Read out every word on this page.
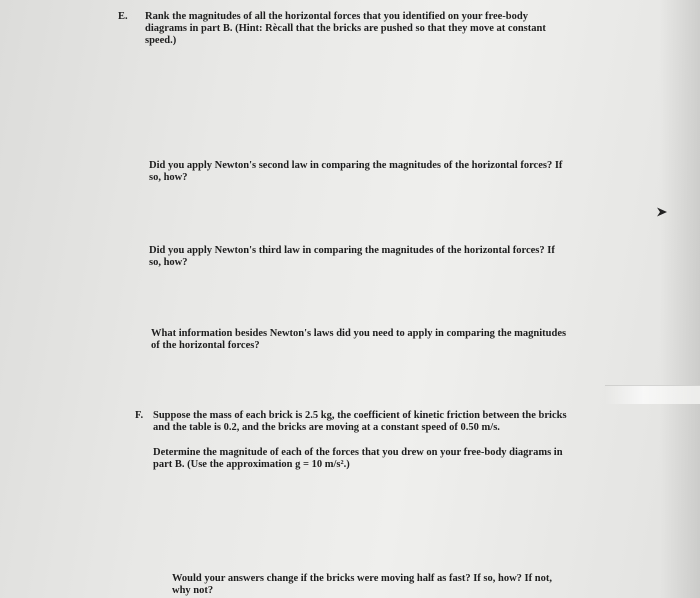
E. Rank the magnitudes of all the horizontal forces that you identified on your free-body

diagrams in part B. (Hint: Rècall that the bricks are pushed so that they move at constant

speed.)

Did you apply Newton's second law in comparing the magnitudes of the horizontal forces? If

so, how?

Did you apply Newton's third law in comparing the magnitudes of the horizontal forces? If

so, how?

What information besides Newton's laws did you need to apply in comparing the magnitudes

of the horizontal forces?

F. Suppose the mass of each brick is 2.5 kg, the coefficient of kinetic friction between the bricks

and the table is 0.2, and the bricks are moving at a constant speed of 0.50 m/s.

Determine the magnitude of each of the forces that you drew on your free-body diagrams in

part B. (Use the approximation g = 10 m/s².)

Would your answers change if the bricks were moving half as fast? If so, how? If not,

why not?
